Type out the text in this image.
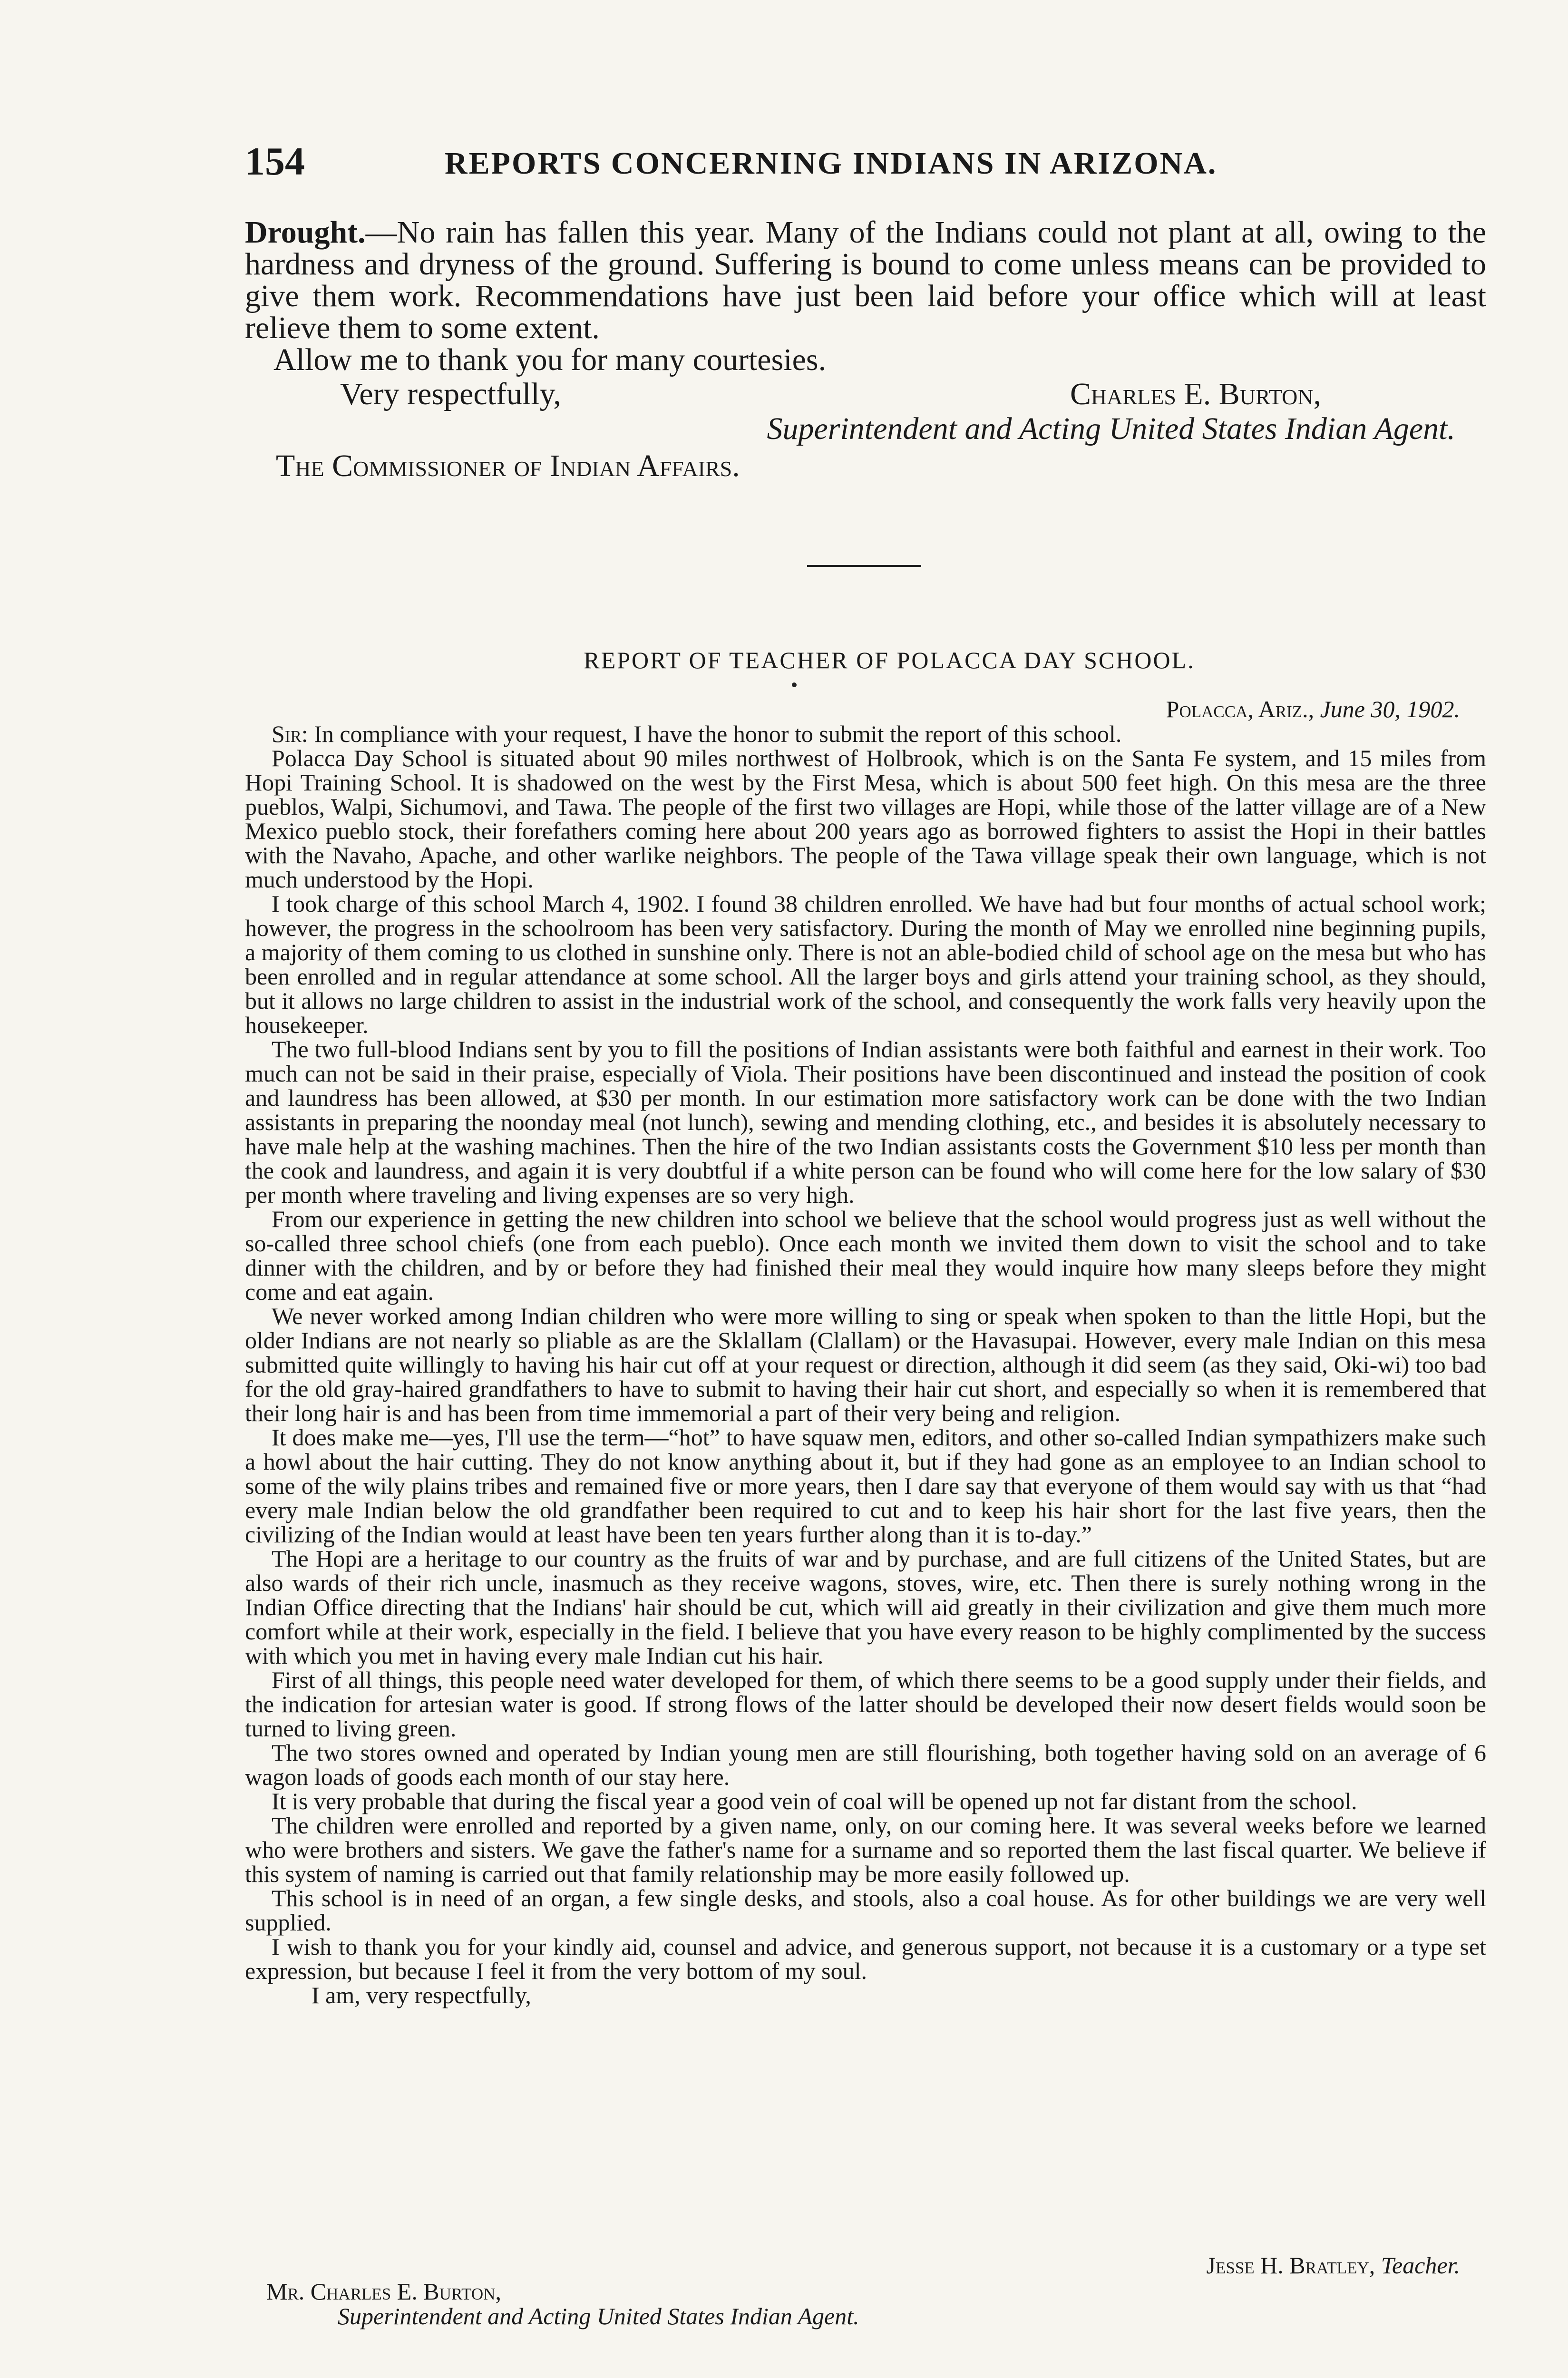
154	REPORTS CONCERNING INDIANS IN ARIZONA.

Drought.—No rain has fallen this year. Many of the Indians could not plant at all, owing to the hardness and dryness of the ground. Suffering is bound to come unless means can be provided to give them work. Recommendations have just been laid before your office which will at least relieve them to some extent.

Allow me to thank you for many courtesies.

Very respectfully,	Charles E. Burton,
Superintendent and Acting United States Indian Agent.
The Commissioner of Indian Affairs.
REPORT OF TEACHER OF POLACCA DAY SCHOOL.
Polacca, Ariz., June 30, 1902.

Sir: In compliance with your request, I have the honor to submit the report of this school.

Polacca Day School is situated about 90 miles northwest of Holbrook, which is on the Santa Fe system, and 15 miles from Hopi Training School. It is shadowed on the west by the First Mesa, which is about 500 feet high. On this mesa are the three pueblos, Walpi, Sichumovi, and Tawa. The people of the first two villages are Hopi, while those of the latter village are of a New Mexico pueblo stock, their forefathers coming here about 200 years ago as borrowed fighters to assist the Hopi in their battles with the Navaho, Apache, and other warlike neighbors. The people of the Tawa village speak their own language, which is not much understood by the Hopi.

I took charge of this school March 4, 1902. I found 38 children enrolled. We have had but four months of actual school work; however, the progress in the schoolroom has been very satisfactory. During the month of May we enrolled nine beginning pupils, a majority of them coming to us clothed in sunshine only. There is not an able-bodied child of school age on the mesa but who has been enrolled and in regular attendance at some school. All the larger boys and girls attend your training school, as they should, but it allows no large children to assist in the industrial work of the school, and consequently the work falls very heavily upon the housekeeper.

The two full-blood Indians sent by you to fill the positions of Indian assistants were both faithful and earnest in their work. Too much can not be said in their praise, especially of Viola. Their positions have been discontinued and instead the position of cook and laundress has been allowed, at $30 per month. In our estimation more satisfactory work can be done with the two Indian assistants in preparing the noonday meal (not lunch), sewing and mending clothing, etc., and besides it is absolutely necessary to have male help at the washing machines. Then the hire of the two Indian assistants costs the Government $10 less per month than the cook and laundress, and again it is very doubtful if a white person can be found who will come here for the low salary of $30 per month where traveling and living expenses are so very high.

From our experience in getting the new children into school we believe that the school would progress just as well without the so-called three school chiefs (one from each pueblo). Once each month we invited them down to visit the school and to take dinner with the children, and by or before they had finished their meal they would inquire how many sleeps before they might come and eat again.

We never worked among Indian children who were more willing to sing or speak when spoken to than the little Hopi, but the older Indians are not nearly so pliable as are the Sklallam (Clallam) or the Havasupai. However, every male Indian on this mesa submitted quite willingly to having his hair cut off at your request or direction, although it did seem (as they said, Oki-wi) too bad for the old gray-haired grandfathers to have to submit to having their hair cut short, and especially so when it is remembered that their long hair is and has been from time immemorial a part of their very being and religion.

It does make me—yes, I'll use the term—“hot” to have squaw men, editors, and other so-called Indian sympathizers make such a howl about the hair cutting. They do not know anything about it, but if they had gone as an employee to an Indian school to some of the wily plains tribes and remained five or more years, then I dare say that everyone of them would say with us that “had every male Indian below the old grandfather been required to cut and to keep his hair short for the last five years, then the civilizing of the Indian would at least have been ten years further along than it is to-day.”

The Hopi are a heritage to our country as the fruits of war and by purchase, and are full citizens of the United States, but are also wards of their rich uncle, inasmuch as they receive wagons, stoves, wire, etc. Then there is surely nothing wrong in the Indian Office directing that the Indians' hair should be cut, which will aid greatly in their civilization and give them much more comfort while at their work, especially in the field. I believe that you have every reason to be highly complimented by the success with which you met in having every male Indian cut his hair.

First of all things, this people need water developed for them, of which there seems to be a good supply under their fields, and the indication for artesian water is good. If strong flows of the latter should be developed their now desert fields would soon be turned to living green.

The two stores owned and operated by Indian young men are still flourishing, both together having sold on an average of 6 wagon loads of goods each month of our stay here.

It is very probable that during the fiscal year a good vein of coal will be opened up not far distant from the school.

The children were enrolled and reported by a given name, only, on our coming here. It was several weeks before we learned who were brothers and sisters. We gave the father's name for a surname and so reported them the last fiscal quarter. We believe if this system of naming is carried out that family relationship may be more easily followed up.

This school is in need of an organ, a few single desks, and stools, also a coal house. As for other buildings we are very well supplied.

I wish to thank you for your kindly aid, counsel and advice, and generous support, not because it is a customary or a type set expression, but because I feel it from the very bottom of my soul.

I am, very respectfully,

Jesse H. Bratley, Teacher.
Mr. Charles E. Burton,
Superintendent and Acting United States Indian Agent.
